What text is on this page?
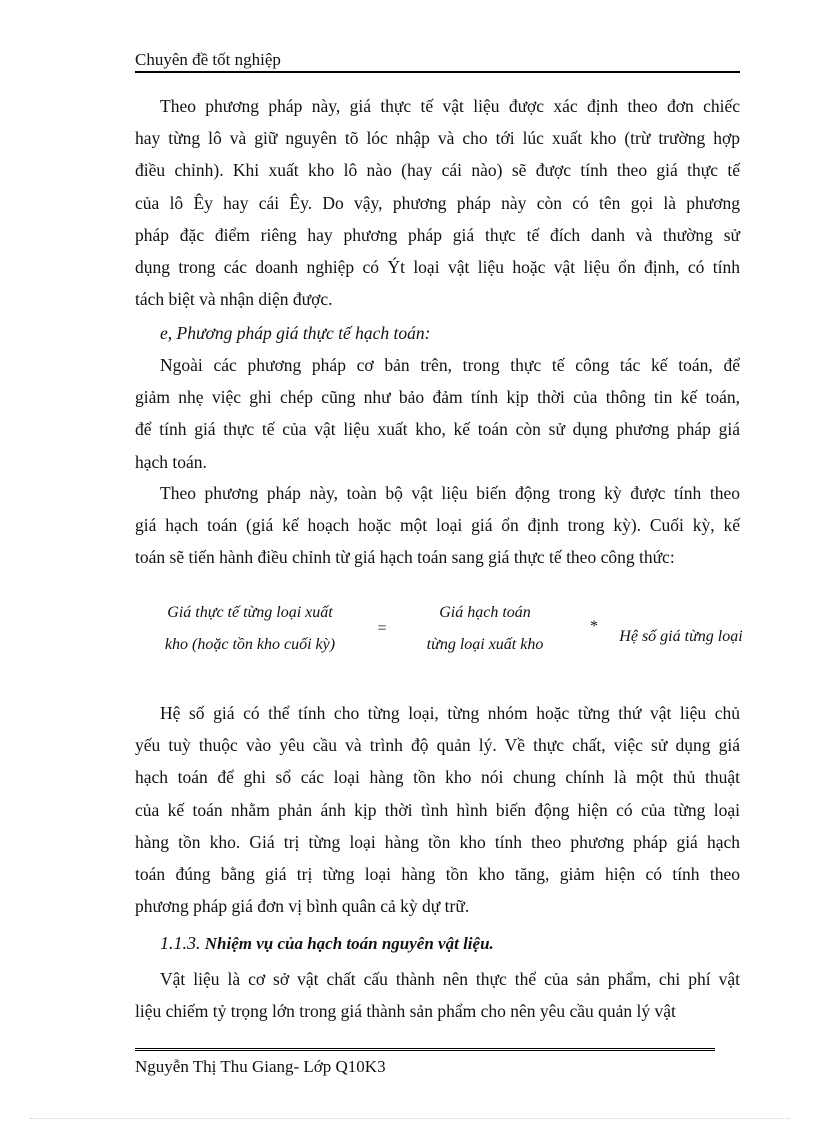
Chuyên đề tốt nghiệp
Theo phương pháp này, giá thực tế vật liệu được xác định theo đơn chiếc
hay từng lô và giữ nguyên tõ lóc nhập và cho tới lúc xuất kho (trừ trường hợp
điều chỉnh). Khi xuất kho lô nào (hay cái nào) sẽ được tính theo giá thực tế
của lô Êy hay cái Êy. Do vậy, phương pháp này còn có tên gọi là phương
pháp đặc điểm riêng hay phương pháp giá thực tế đích danh và thường sử
dụng trong các doanh nghiệp có Ýt loại vật liệu hoặc vật liệu ổn định, có tính
tách biệt và nhận diện được.
e, Phương pháp giá thực tế hạch toán:
Ngoài các phương pháp cơ bản trên, trong thực tế công tác kế toán, để
giảm nhẹ việc ghi chép cũng như bảo đảm tính kịp thời của thông tin kế toán,
để tính giá thực tế của vật liệu xuất kho, kế toán còn sử dụng phương pháp giá
hạch toán.
Theo phương pháp này, toàn bộ vật liệu biến động trong kỳ được tính theo
giá hạch toán (giá kế hoạch hoặc một loại giá ổn định trong kỳ). Cuối kỳ, kế
toán sẽ tiến hành điều chỉnh từ giá hạch toán sang giá thực tế theo công thức:
Hệ số giá có thể tính cho từng loại, từng nhóm hoặc từng thứ vật liệu chủ
yếu tuỳ thuộc vào yêu cầu và trình độ quản lý. Về thực chất, việc sử dụng giá
hạch toán để ghi sổ các loại hàng tồn kho nói chung chính là một thủ thuật
của kế toán nhằm phản ánh kịp thời tình hình biến động hiện có của từng loại
hàng tồn kho. Giá trị từng loại hàng tồn kho tính theo phương pháp giá hạch
toán đúng bằng giá trị từng loại hàng tồn kho tăng, giảm hiện có tính theo
phương pháp giá đơn vị bình quân cả kỳ dự trữ.
Vật liệu là cơ sở vật chất cấu thành nên thực thể của sản phẩm, chi phí vật
liệu chiếm tỷ trọng lớn trong giá thành sản phẩm cho nên yêu cầu quản lý vật
Giá thực tế từng loại xuất
kho (hoặc tồn kho cuối kỳ)
=
Giá hạch toán
từng loại xuất kho
*
Hệ số giá từng loại
1.1.3. Nhiệm vụ của hạch toán nguyên vật liệu.
Nguyễn Thị Thu Giang- Lớp Q10K3
